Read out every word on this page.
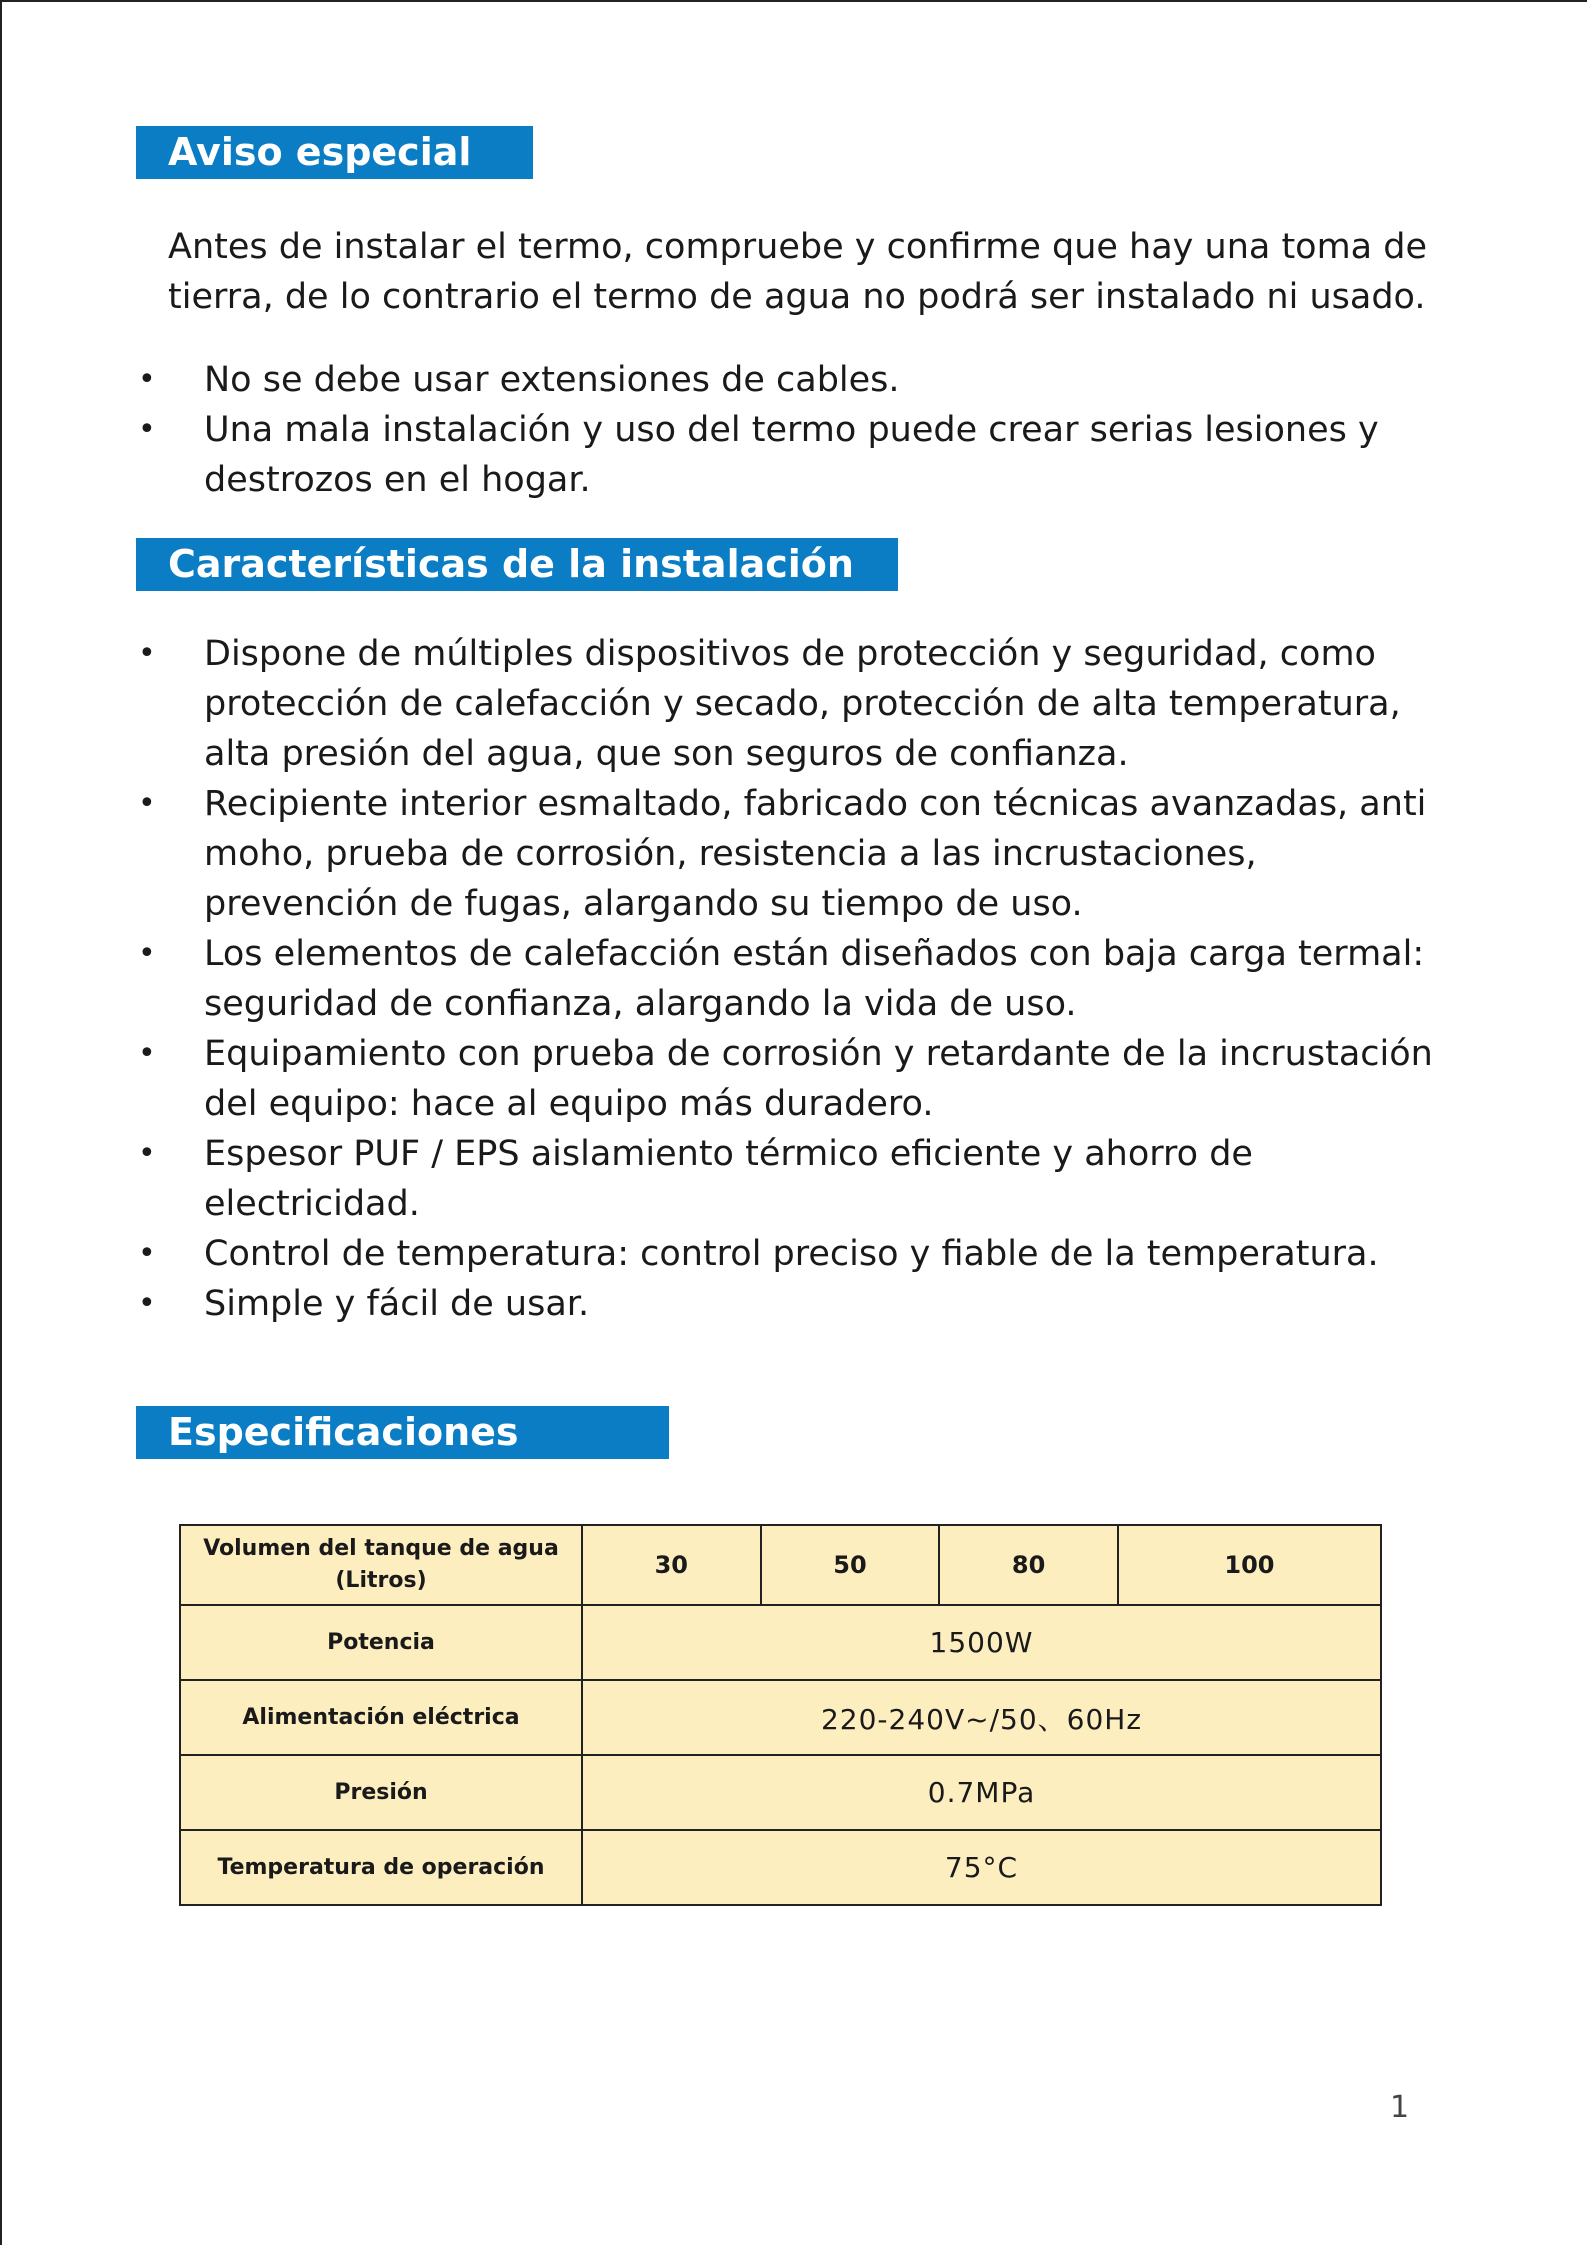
Aviso especial
Antes de instalar el termo, compruebe y confirme que hay una toma de tierra, de lo contrario el termo de agua no podrá ser instalado ni usado.
• No se debe usar extensiones de cables.
• Una mala instalación y uso del termo puede crear serias lesiones y destrozos en el hogar.
Características de la instalación
• Dispone de múltiples dispositivos de protección y seguridad, como protección de calefacción y secado, protección de alta temperatura, alta presión del agua, que son seguros de confianza.
• Recipiente interior esmaltado, fabricado con técnicas avanzadas, anti moho, prueba de corrosión, resistencia a las incrustaciones, prevención de fugas, alargando su tiempo de uso.
• Los elementos de calefacción están diseñados con baja carga termal: seguridad de confianza, alargando la vida de uso.
• Equipamiento con prueba de corrosión y retardante de la incrustación del equipo: hace al equipo más duradero.
• Espesor PUF / EPS aislamiento térmico eficiente y ahorro de electricidad.
• Control de temperatura: control preciso y fiable de la temperatura.
• Simple y fácil de usar.
Especificaciones
Volumen del tanque de agua (Litros)	30	50	80	100
Potencia	1500W			
Alimentación eléctrica	220-240V~/50、60Hz			
Presión	0.7MPa			
Temperatura de operación	75°C			
1
